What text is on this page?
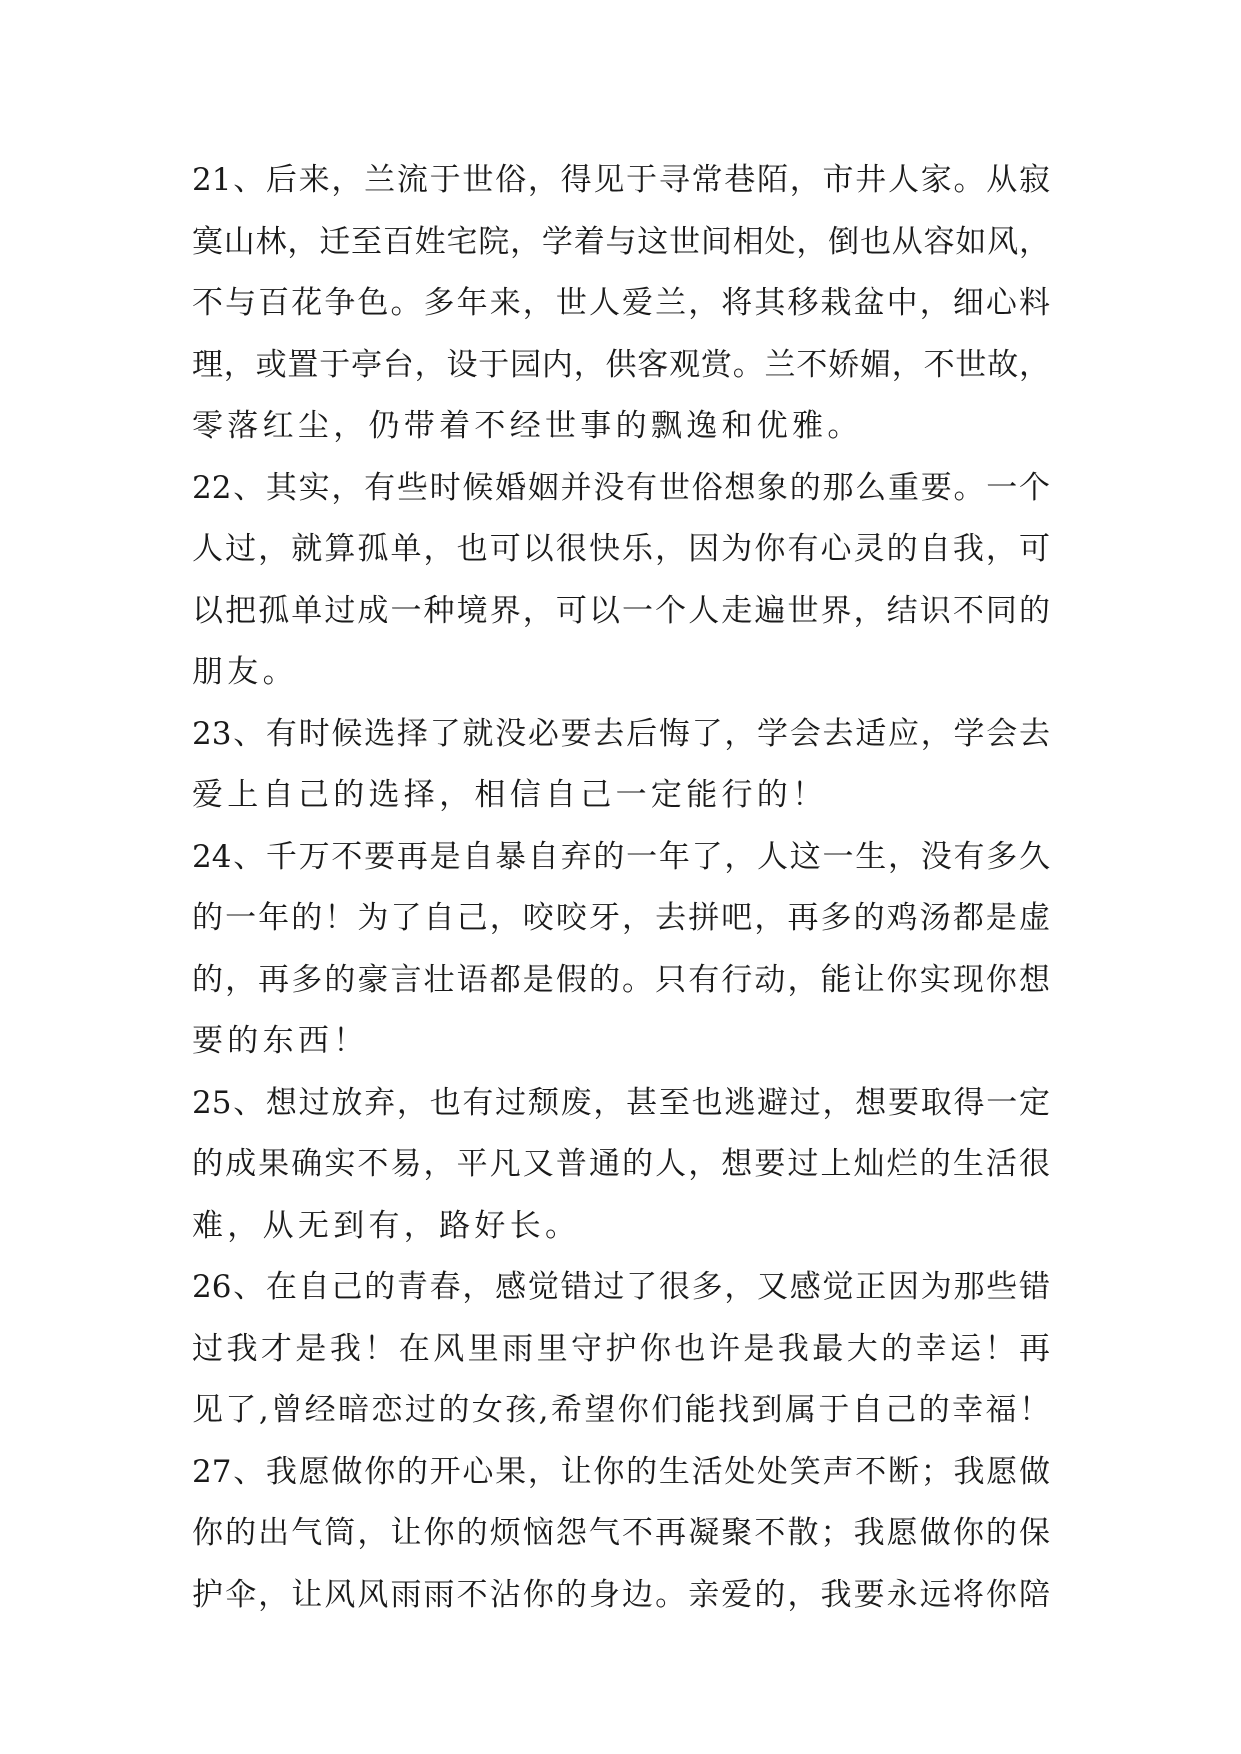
21、后来，兰流于世俗，得见于寻常巷陌，市井人家。从寂
寞山林，迁至百姓宅院，学着与这世间相处，倒也从容如风，
不与百花争色。多年来，世人爱兰，将其移栽盆中，细心料
理，或置于亭台，设于园内，供客观赏。兰不娇媚，不世故，
零落红尘，仍带着不经世事的飘逸和优雅。
22、其实，有些时候婚姻并没有世俗想象的那么重要。一个
人过，就算孤单，也可以很快乐，因为你有心灵的自我，可
以把孤单过成一种境界，可以一个人走遍世界，结识不同的
朋友。
23、有时候选择了就没必要去后悔了，学会去适应，学会去
爱上自己的选择，相信自己一定能行的！
24、千万不要再是自暴自弃的一年了，人这一生，没有多久
的一年的！为了自己，咬咬牙，去拼吧，再多的鸡汤都是虚
的，再多的豪言壮语都是假的。只有行动，能让你实现你想
要的东西！
25、想过放弃，也有过颓废，甚至也逃避过，想要取得一定
的成果确实不易，平凡又普通的人，想要过上灿烂的生活很
难，从无到有，路好长。
26、在自己的青春，感觉错过了很多，又感觉正因为那些错
过我才是我！在风里雨里守护你也许是我最大的幸运！再
见了,曾经暗恋过的女孩,希望你们能找到属于自己的幸福！
27、我愿做你的开心果，让你的生活处处笑声不断；我愿做
你的出气筒，让你的烦恼怨气不再凝聚不散；我愿做你的保
护伞，让风风雨雨不沾你的身边。亲爱的，我要永远将你陪
